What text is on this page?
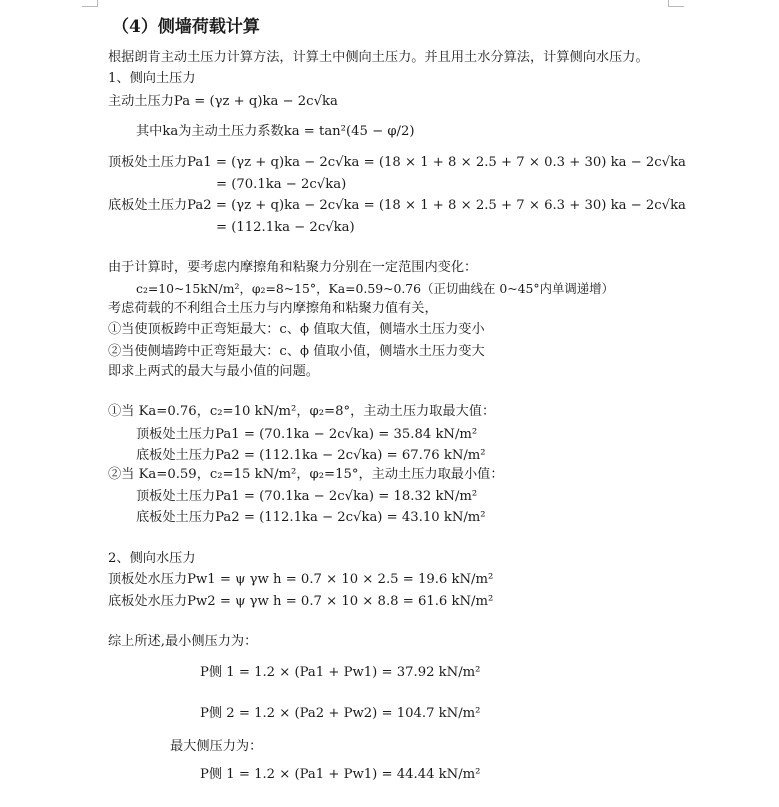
（4）侧墙荷载计算
根据朗肯主动土压力计算方法，计算土中侧向土压力。并且用土水分算法，计算侧向水压力。
1、侧向土压力
主动土压力Pa = (γz + q)ka − 2c√ka
其中ka为主动土压力系数ka = tan²(45 − φ/2)
顶板处土压力Pa1 = (γz + q)ka − 2c√ka = (18 × 1 + 8 × 2.5 + 7 × 0.3 + 30) ka − 2c√ka
= (70.1ka − 2c√ka)
底板处土压力Pa2 = (γz + q)ka − 2c√ka = (18 × 1 + 8 × 2.5 + 7 × 6.3 + 30) ka − 2c√ka
= (112.1ka − 2c√ka)
由于计算时，要考虑内摩擦角和粘聚力分别在一定范围内变化：
c₂=10~15kN/m²，φ₂=8~15°，Ka=0.59~0.76（正切曲线在 0~45°内单调递增）
考虑荷载的不利组合土压力与内摩擦角和粘聚力值有关，
①当使顶板跨中正弯矩最大：c、ϕ 值取大值，侧墙水土压力变小
②当使侧墙跨中正弯矩最大：c、ϕ 值取小值，侧墙水土压力变大
即求上两式的最大与最小值的问题。
①当 Ka=0.76，c₂=10 kN/m²，φ₂=8°，主动土压力取最大值：
顶板处土压力Pa1 = (70.1ka − 2c√ka) = 35.84 kN/m²
底板处土压力Pa2 = (112.1ka − 2c√ka) = 67.76 kN/m²
②当 Ka=0.59，c₂=15 kN/m²，φ₂=15°，主动土压力取最小值：
顶板处土压力Pa1 = (70.1ka − 2c√ka) = 18.32 kN/m²
底板处土压力Pa2 = (112.1ka − 2c√ka) = 43.10 kN/m²
2、侧向水压力
顶板处水压力Pw1 = ψ γw h = 0.7 × 10 × 2.5 = 19.6 kN/m²
底板处水压力Pw2 = ψ γw h = 0.7 × 10 × 8.8 = 61.6 kN/m²
综上所述,最小侧压力为：
P侧 1 = 1.2 × (Pa1 + Pw1) = 37.92 kN/m²
P侧 2 = 1.2 × (Pa2 + Pw2) = 104.7 kN/m²
最大侧压力为：
P侧 1 = 1.2 × (Pa1 + Pw1) = 44.44 kN/m²
